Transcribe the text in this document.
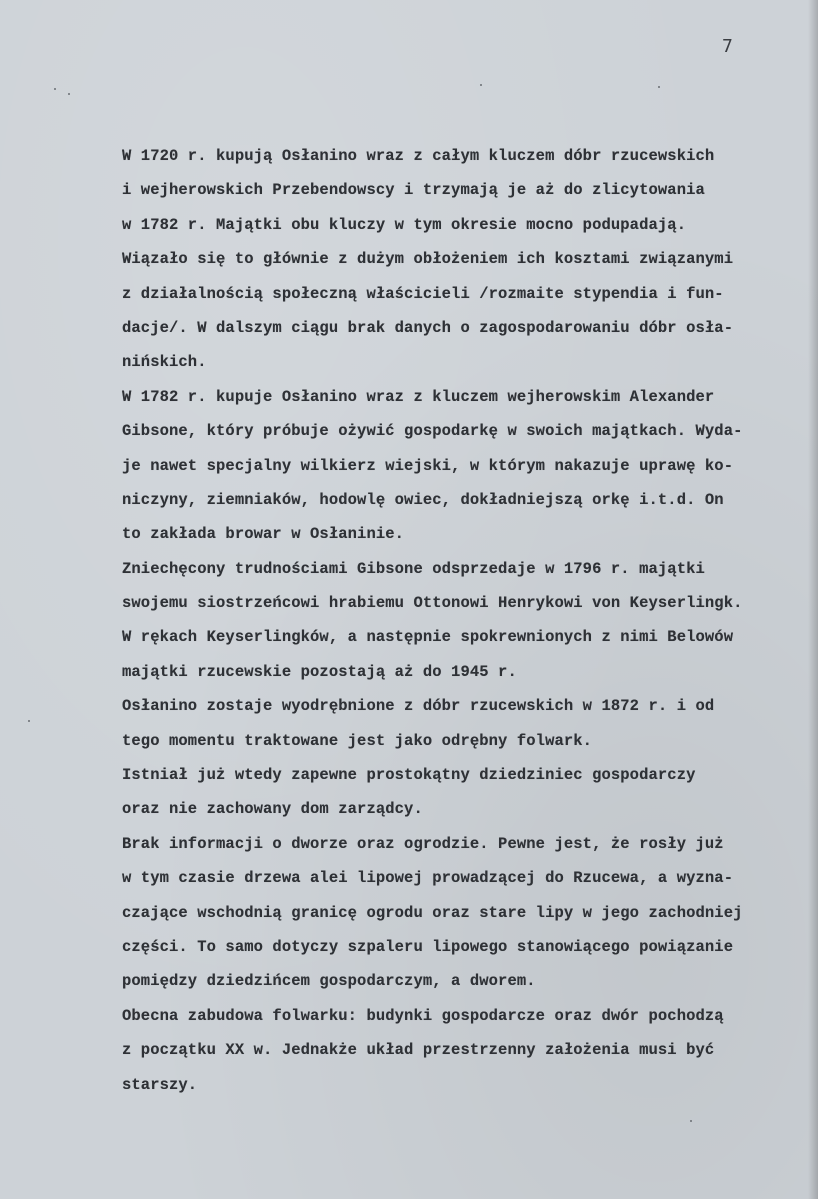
7
W 1720 r. kupują Osłanino wraz z całym kluczem dóbr rzucewskich
i wejherowskich Przebendowscy i trzymają je aż do zlicytowania
w 1782 r. Majątki obu kluczy w tym okresie mocno podupadają.
Wiązało się to głównie z dużym obłożeniem ich kosztami związanymi
z działalnością społeczną właścicieli /rozmaite stypendia i fun-
dacje/. W dalszym ciągu brak danych o zagospodarowaniu dóbr osła-
nińskich.
W 1782 r. kupuje Osłanino wraz z kluczem wejherowskim Alexander
Gibsone, który próbuje ożywić gospodarkę w swoich majątkach. Wyda-
je nawet specjalny wilkierz wiejski, w którym nakazuje uprawę ko-
niczyny, ziemniaków, hodowlę owiec, dokładniejszą orkę i.t.d. On
to zakłada browar w Osłaninie.
Zniechęcony trudnościami Gibsone odsprzedaje w 1796 r. majątki
swojemu siostrzeńcowi hrabiemu Ottonowi Henrykowi von Keyserlingk.
W rękach Keyserlingków, a następnie spokrewnionych z nimi Belowów
majątki rzucewskie pozostają aż do 1945 r.
Osłanino zostaje wyodrębnione z dóbr rzucewskich w 1872 r. i od
tego momentu traktowane jest jako odrębny folwark.
Istniał już wtedy zapewne prostokątny dziedziniec gospodarczy
oraz nie zachowany dom zarządcy.
Brak informacji o dworze oraz ogrodzie. Pewne jest, że rosły już
w tym czasie drzewa alei lipowej prowadzącej do Rzucewa, a wyzna-
czające wschodnią granicę ogrodu oraz stare lipy w jego zachodniej
części. To samo dotyczy szpaleru lipowego stanowiącego powiązanie
pomiędzy dziedzińcem gospodarczym, a dworem.
Obecna zabudowa folwarku: budynki gospodarcze oraz dwór pochodzą
z początku XX w. Jednakże układ przestrzenny założenia musi być
starszy.
